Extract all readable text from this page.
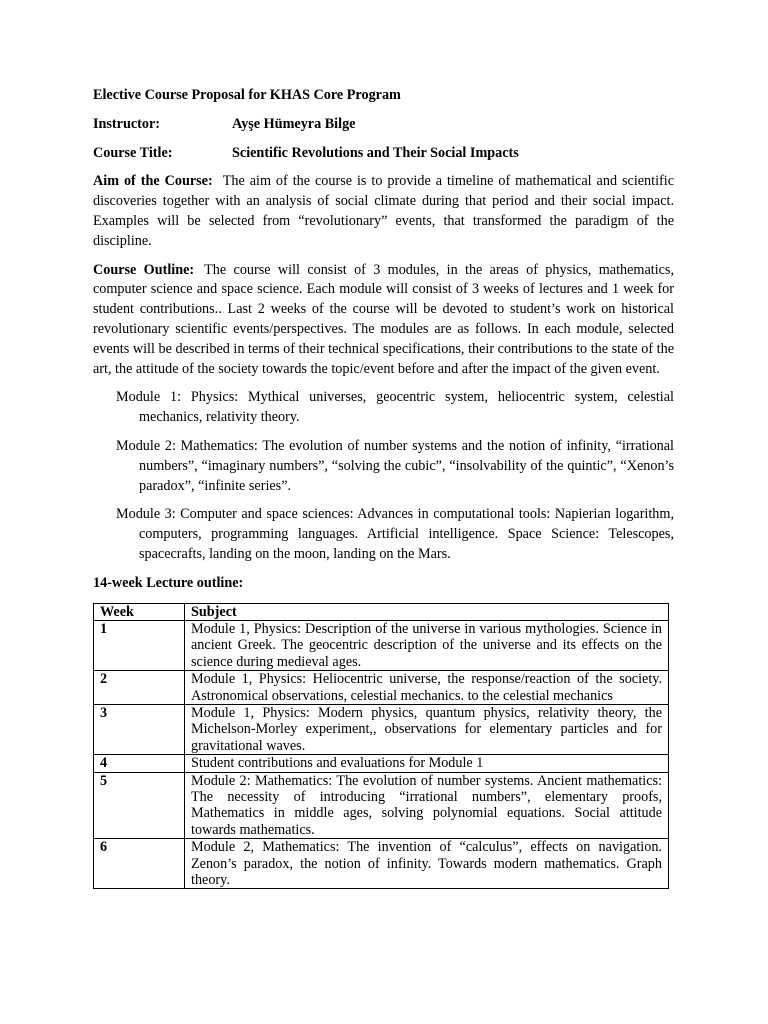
Elective Course Proposal for KHAS Core Program

Instructor:	Ayşe Hümeyra Bilge
Course Title:	Scientific Revolutions and Their Social Impacts

Aim of the Course: The aim of the course is to provide a timeline of mathematical and scientific discoveries together with an analysis of social climate during that period and their social impact. Examples will be selected from “revolutionary” events, that transformed the paradigm of the discipline.

Course Outline: The course will consist of 3 modules, in the areas of physics, mathematics, computer science and space science. Each module will consist of 3 weeks of lectures and 1 week for student contributions.. Last 2 weeks of the course will be devoted to student’s work on historical revolutionary scientific events/perspectives. The modules are as follows. In each module, selected events will be described in terms of their technical specifications, their contributions to the state of the art, the attitude of the society towards the topic/event before and after the impact of the given event.

Module 1: Physics: Mythical universes, geocentric system, heliocentric system, celestial mechanics, relativity theory.

Module 2: Mathematics: The evolution of number systems and the notion of infinity, “irrational numbers”, “imaginary numbers”, “solving the cubic”, “insolvability of the quintic”, “Xenon’s paradox”, “infinite series”.

Module 3: Computer and space sciences: Advances in computational tools: Napierian logarithm, computers, programming languages. Artificial intelligence. Space Science: Telescopes, spacecrafts, landing on the moon, landing on the Mars.

14-week Lecture outline:

Week	Subject
1	Module 1, Physics: Description of the universe in various mythologies. Science in ancient Greek. The geocentric description of the universe and its effects on the science during medieval ages.
2	Module 1, Physics: Heliocentric universe, the response/reaction of the society. Astronomical observations, celestial mechanics. to the celestial mechanics
3	Module 1, Physics: Modern physics, quantum physics, relativity theory, the Michelson-Morley experiment,, observations for elementary particles and for gravitational waves.
4	Student contributions and evaluations for Module 1
5	Module 2: Mathematics: The evolution of number systems. Ancient mathematics: The necessity of introducing “irrational numbers”, elementary proofs, Mathematics in middle ages, solving polynomial equations. Social attitude towards mathematics.
6	Module 2, Mathematics: The invention of “calculus”, effects on navigation. Zenon’s paradox, the notion of infinity. Towards modern mathematics. Graph theory.
